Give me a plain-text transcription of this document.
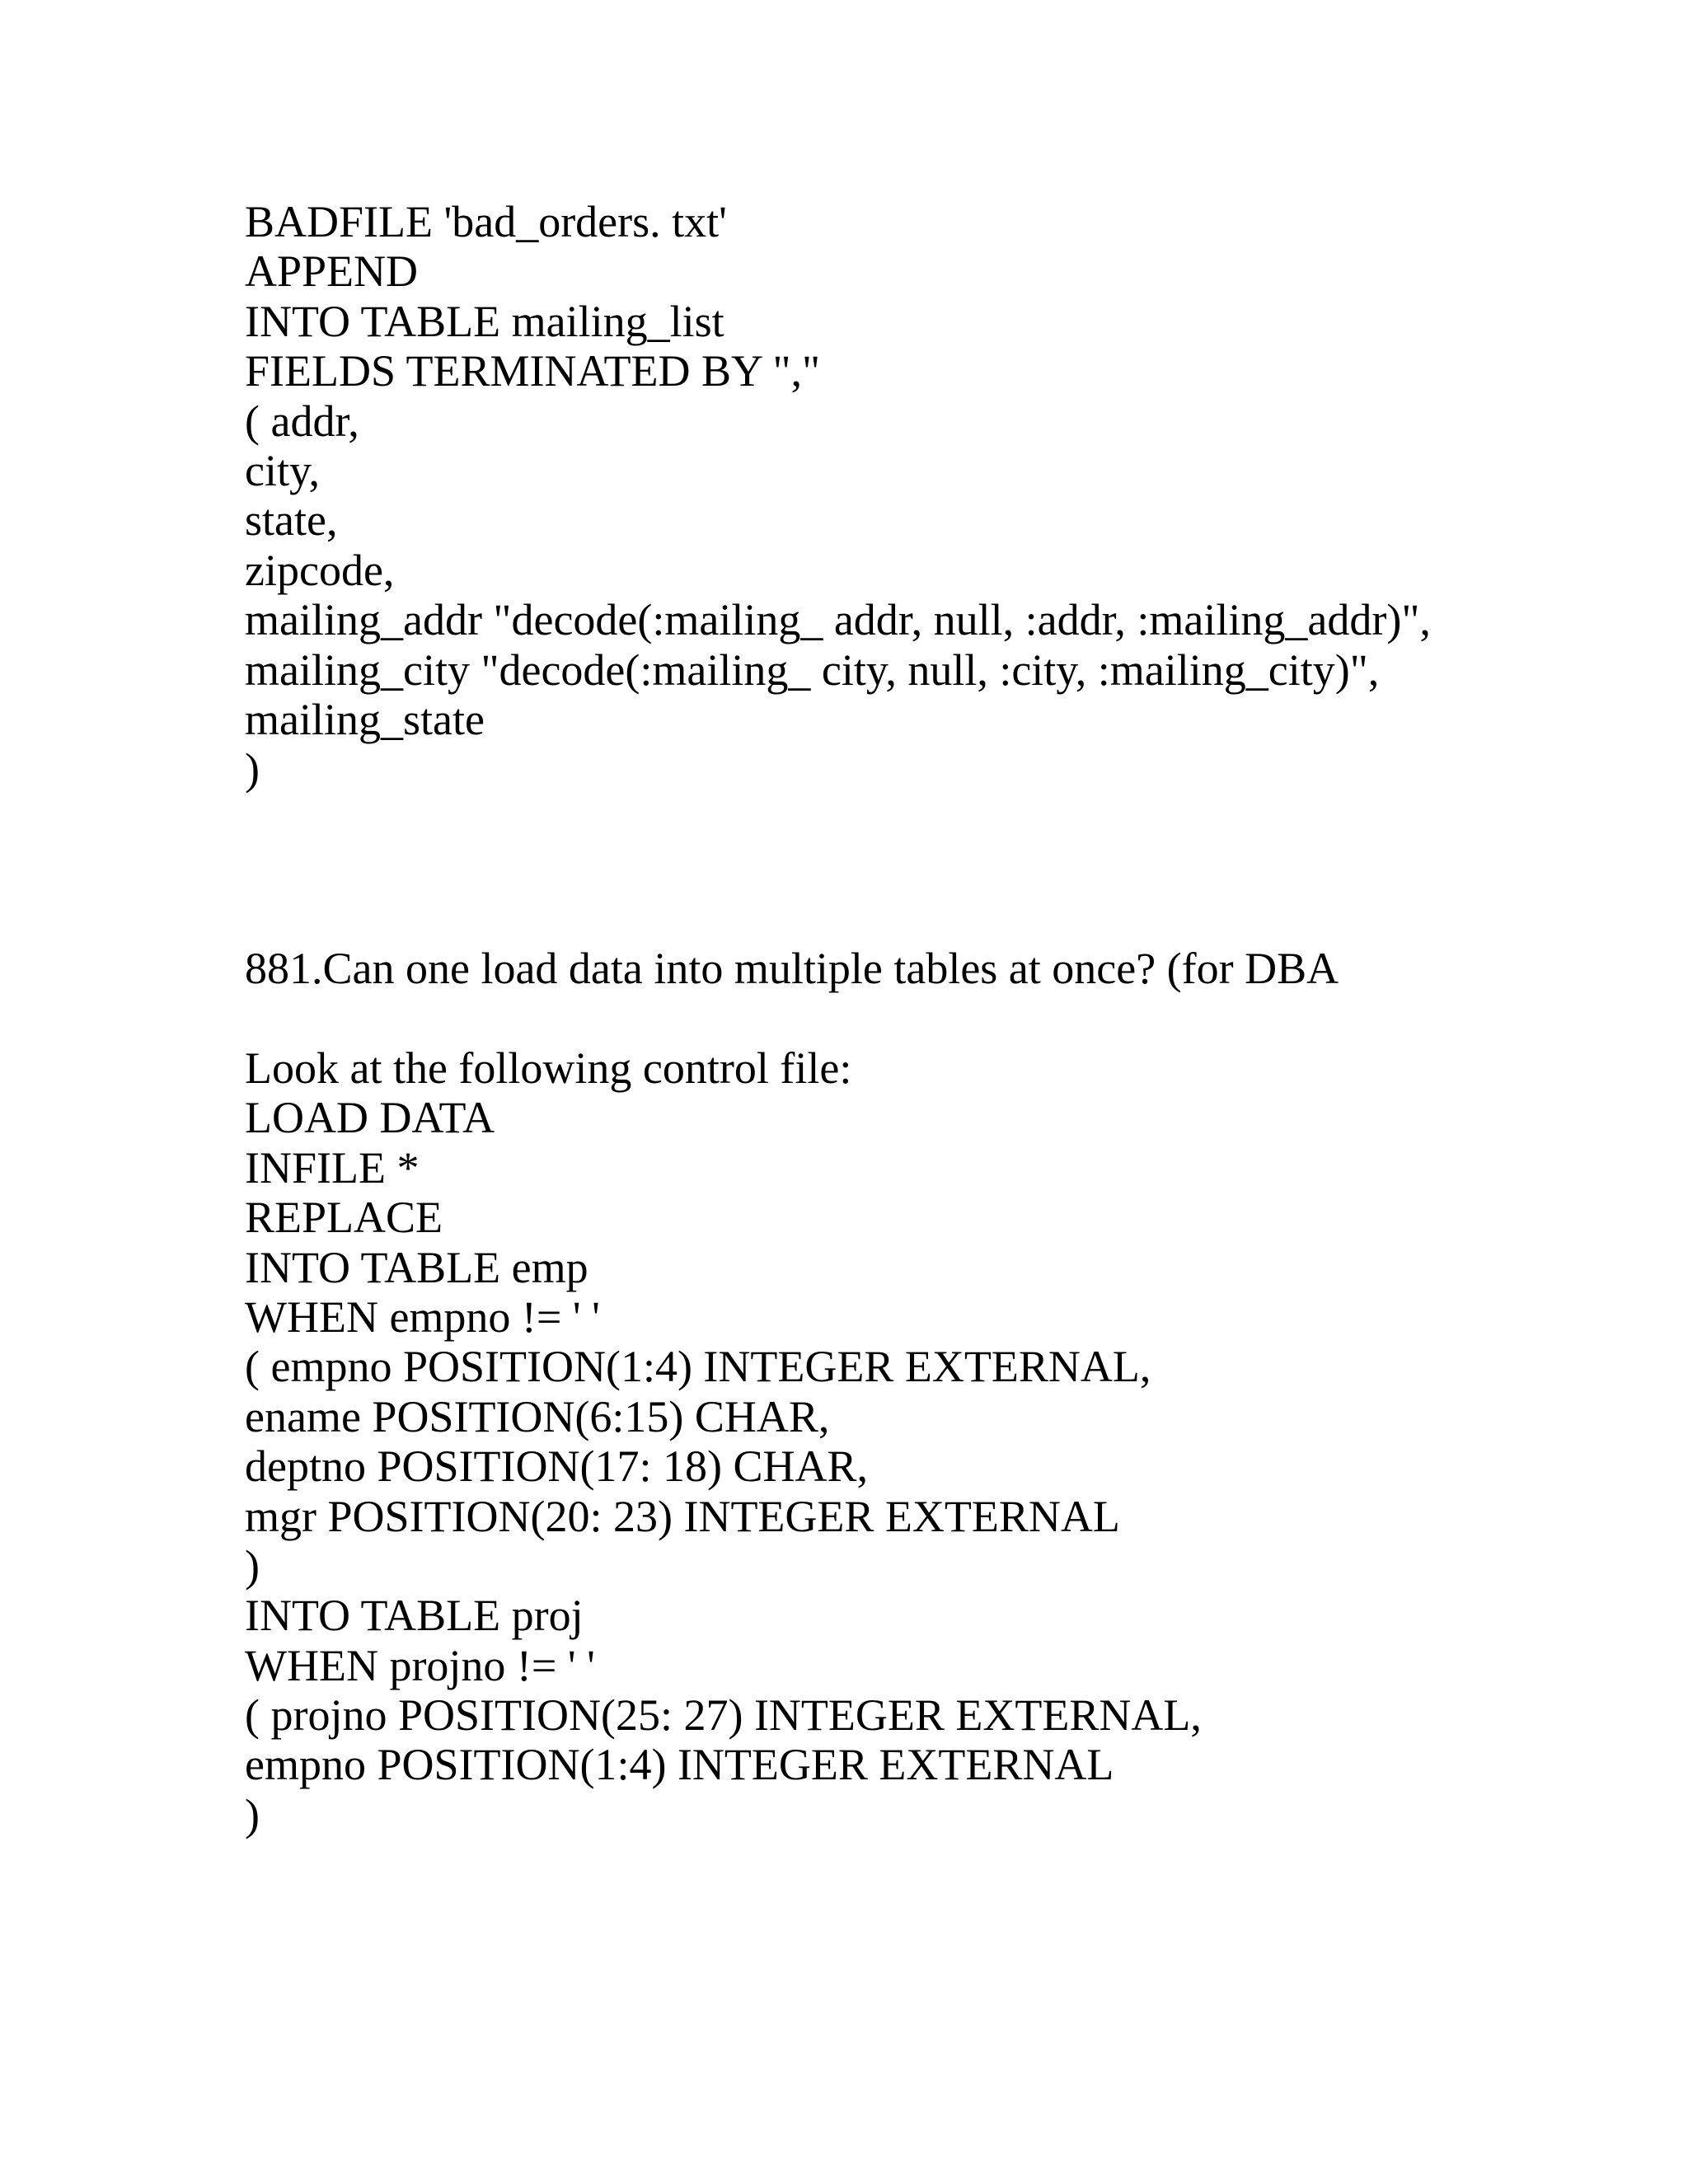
BADFILE 'bad_orders. txt'
APPEND
INTO TABLE mailing_list
FIELDS TERMINATED BY ","
( addr,
city,
state,
zipcode,
mailing_addr "decode(:mailing_ addr, null, :addr, :mailing_addr)",
mailing_city "decode(:mailing_ city, null, :city, :mailing_city)",
mailing_state
)
881.Can one load data into multiple tables at once? (for DBA
Look at the following control file:
LOAD DATA
INFILE *
REPLACE
INTO TABLE emp
WHEN empno != ' '
( empno POSITION(1:4) INTEGER EXTERNAL,
ename POSITION(6:15) CHAR,
deptno POSITION(17: 18) CHAR,
mgr POSITION(20: 23) INTEGER EXTERNAL
)
INTO TABLE proj
WHEN projno != ' '
( projno POSITION(25: 27) INTEGER EXTERNAL,
empno POSITION(1:4) INTEGER EXTERNAL
)
